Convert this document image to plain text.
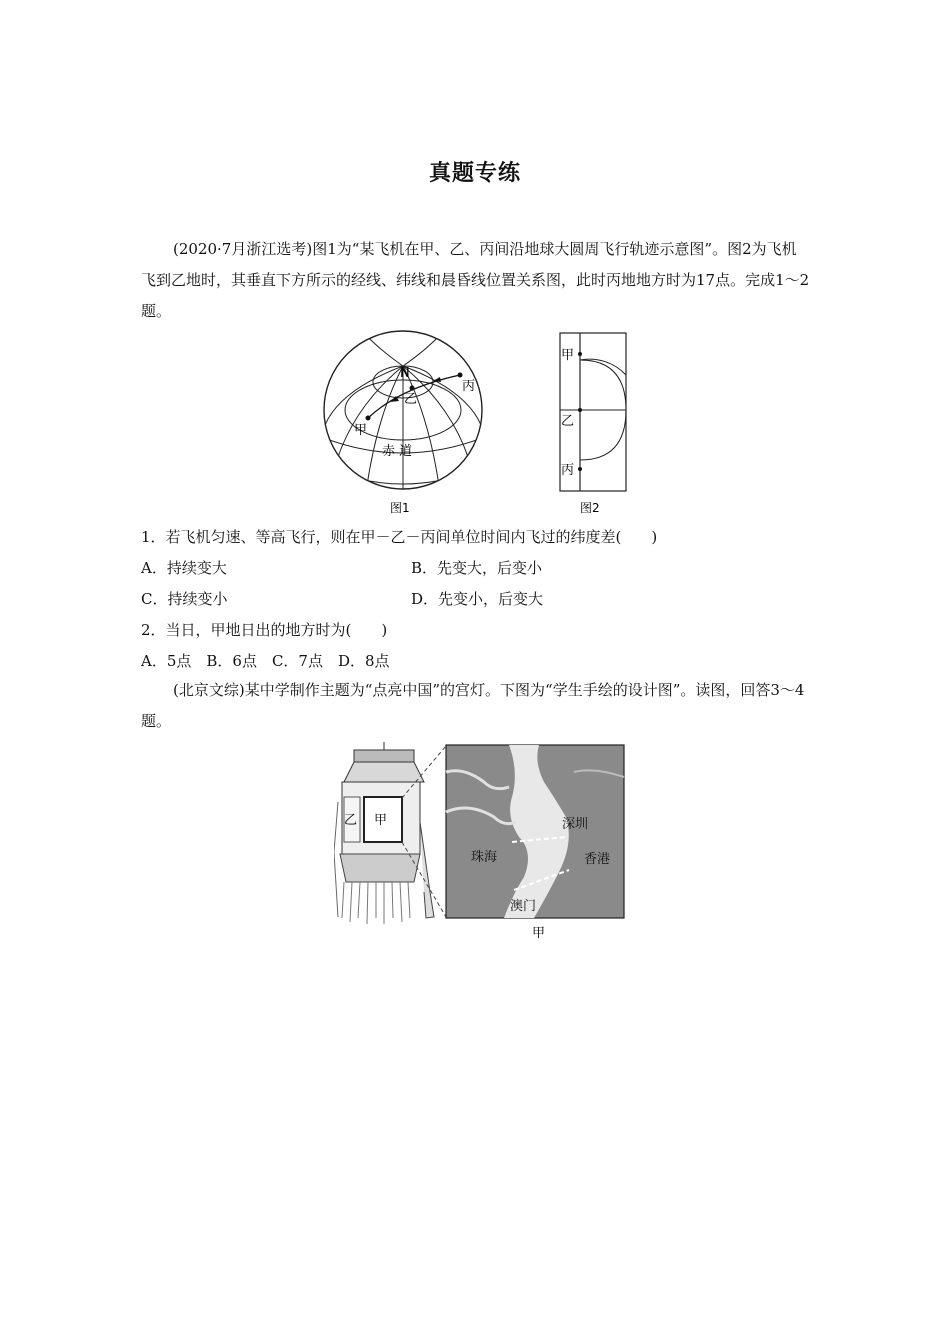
真题专练
(2020·7月浙江选考)图1为“某飞机在甲、乙、丙间沿地球大圆周飞行轨迹示意图”。图2为飞机飞到乙地时，其垂直下方所示的经线、纬线和晨昏线位置关系图，此时丙地地方时为17点。完成1～2题。
N
甲
乙
丙
赤 道
图1
甲
乙
丙
图2
1．若飞机匀速、等高飞行，则在甲－乙－丙间单位时间内飞过的纬度差(　　)
A．持续变大	B．先变大，后变小
C．持续变小	D．先变小，后变大
2．当日，甲地日出的地方时为(　　)
A．5点　B．6点　C．7点　D．8点
(北京文综)某中学制作主题为“点亮中国”的宫灯。下图为“学生手绘的设计图”。读图，回答3～4题。
乙 甲	深圳
珠海	香港
澳门
甲
